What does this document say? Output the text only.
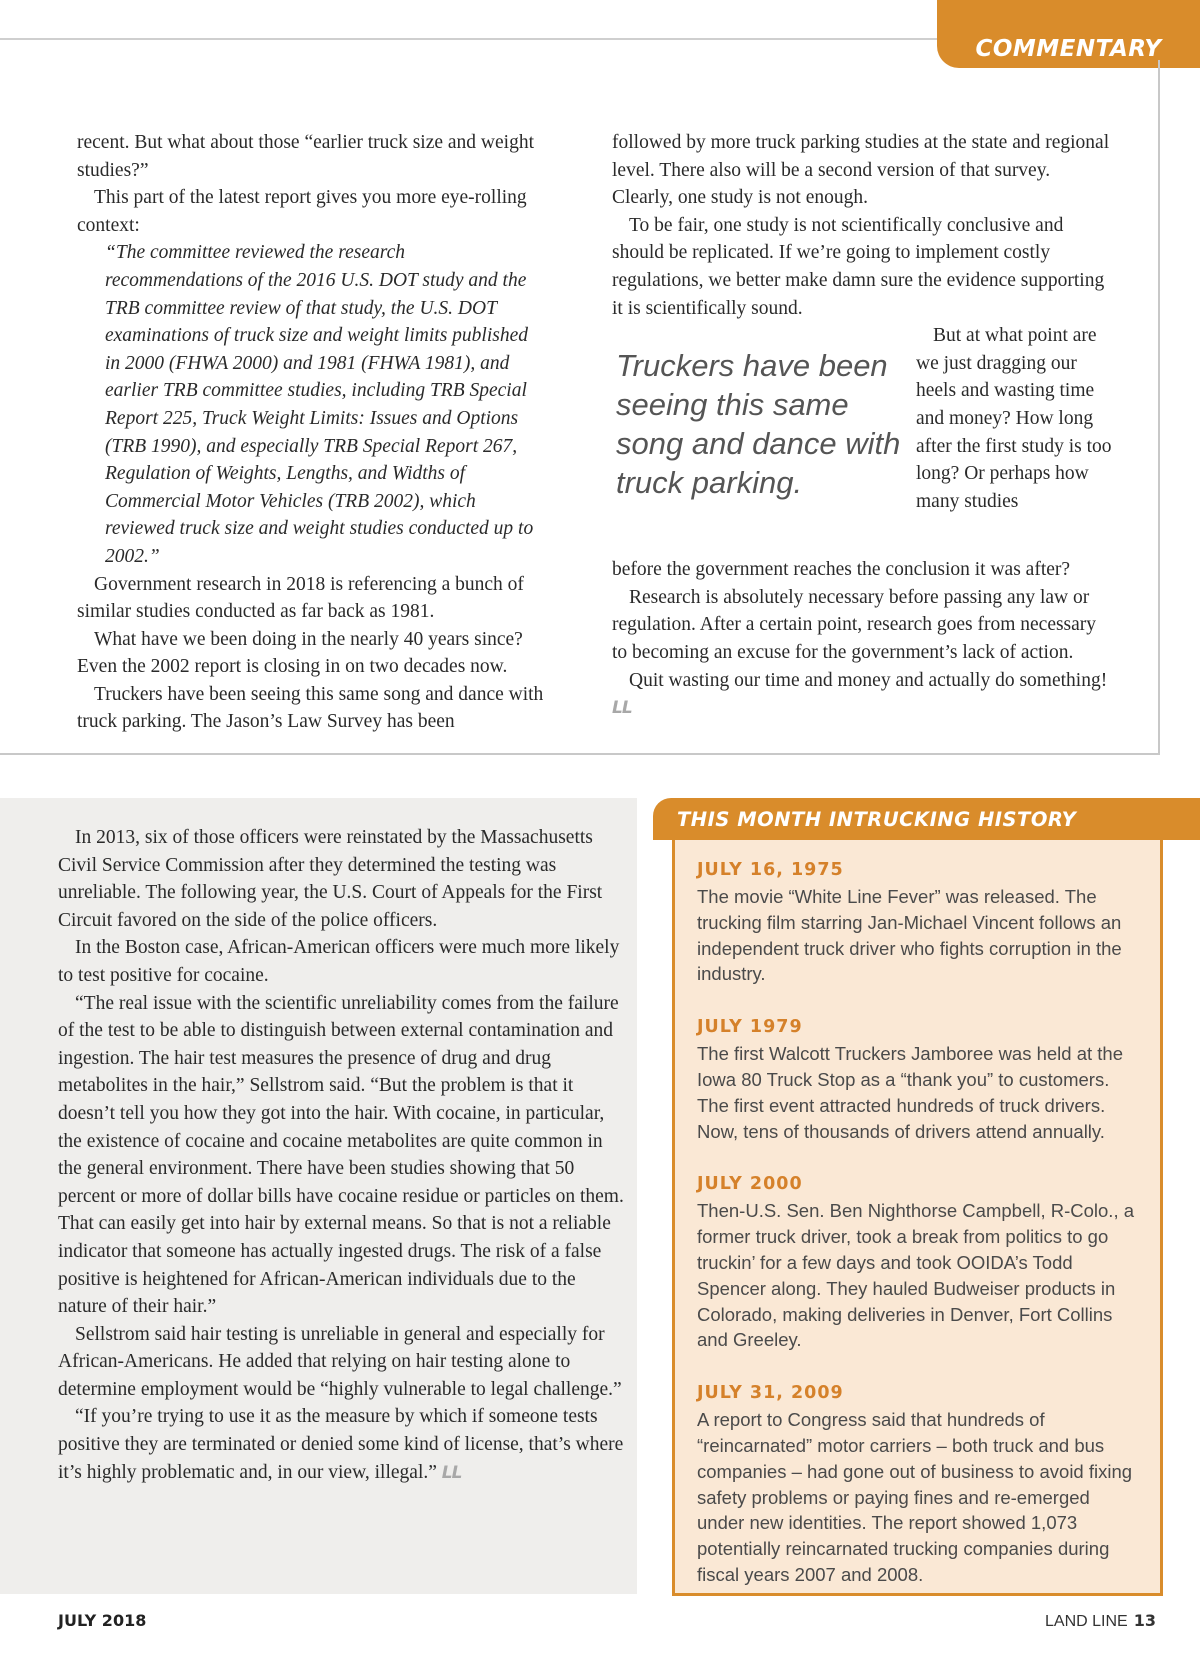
COMMENTARY

recent. But what about those “earlier truck size and weight studies?”

This part of the latest report gives you more eye-rolling context:

“The committee reviewed the research recommendations of the 2016 U.S. DOT study and the TRB committee review of that study, the U.S. DOT examinations of truck size and weight limits published in 2000 (FHWA 2000) and 1981 (FHWA 1981), and earlier TRB committee studies, including TRB Special Report 225, Truck Weight Limits: Issues and Options (TRB 1990), and especially TRB Special Report 267, Regulation of Weights, Lengths, and Widths of Commercial Motor Vehicles (TRB 2002), which reviewed truck size and weight studies conducted up to 2002.”

Government research in 2018 is referencing a bunch of similar studies conducted as far back as 1981.

What have we been doing in the nearly 40 years since? Even the 2002 report is closing in on two decades now.

Truckers have been seeing this same song and dance with truck parking. The Jason’s Law Survey has been

followed by more truck parking studies at the state and regional level. There also will be a second version of that survey. Clearly, one study is not enough.

To be fair, one study is not scientifically conclusive and should be replicated. If we’re going to implement costly regulations, we better make damn sure the evidence supporting it is scientifically sound.

Truckers have been seeing this same song and dance with truck parking.

But at what point are we just dragging our heels and wasting time and money? How long after the first study is too long? Or perhaps how many studies

before the government reaches the conclusion it was after?

Research is absolutely necessary before passing any law or regulation. After a certain point, research goes from necessary to becoming an excuse for the government’s lack of action.

Quit wasting our time and money and actually do something! LL

In 2013, six of those officers were reinstated by the Massachusetts Civil Service Commission after they determined the testing was unreliable. The following year, the U.S. Court of Appeals for the First Circuit favored on the side of the police officers.

In the Boston case, African-American officers were much more likely to test positive for cocaine.

“The real issue with the scientific unreliability comes from the failure of the test to be able to distinguish between external contamination and ingestion. The hair test measures the presence of drug and drug metabolites in the hair,” Sellstrom said. “But the problem is that it doesn’t tell you how they got into the hair. With cocaine, in particular, the existence of cocaine and cocaine metabolites are quite common in the general environment. There have been studies showing that 50 percent or more of dollar bills have cocaine residue or particles on them. That can easily get into hair by external means. So that is not a reliable indicator that someone has actually ingested drugs. The risk of a false positive is heightened for African-American individuals due to the nature of their hair.”

Sellstrom said hair testing is unreliable in general and especially for African-Americans. He added that relying on hair testing alone to determine employment would be “highly vulnerable to legal challenge.”

“If you’re trying to use it as the measure by which if someone tests positive they are terminated or denied some kind of license, that’s where it’s highly problematic and, in our view, illegal.” LL

THIS MONTH INTRUCKING HISTORY
JULY 16, 1975
The movie “White Line Fever” was released. The trucking film starring Jan-Michael Vincent follows an independent truck driver who fights corruption in the industry.
JULY 1979
The first Walcott Truckers Jamboree was held at the Iowa 80 Truck Stop as a “thank you” to customers. The first event attracted hundreds of truck drivers. Now, tens of thousands of drivers attend annually.
JULY 2000
Then-U.S. Sen. Ben Nighthorse Campbell, R-Colo., a former truck driver, took a break from politics to go truckin’ for a few days and took OOIDA’s Todd Spencer along. They hauled Budweiser products in Colorado, making deliveries in Denver, Fort Collins and Greeley.
JULY 31, 2009
A report to Congress said that hundreds of “reincarnated” motor carriers – both truck and bus companies – had gone out of business to avoid fixing safety problems or paying fines and re-emerged under new identities. The report showed 1,073 potentially reincarnated trucking companies during fiscal years 2007 and 2008.
JULY 2018	LAND LINE 13
